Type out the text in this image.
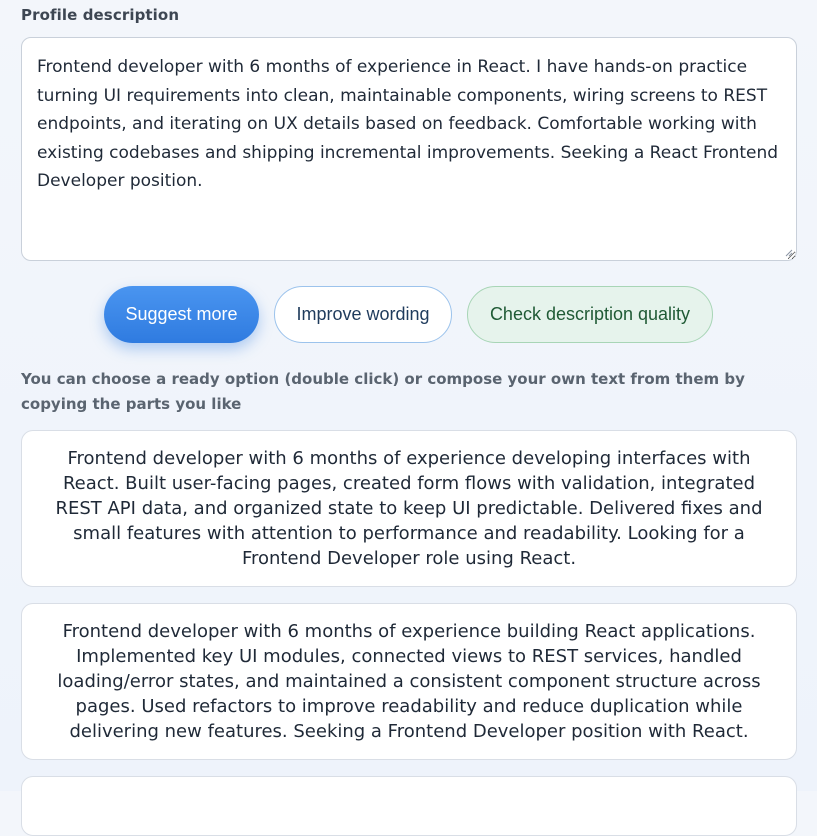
Profile description
Frontend developer with 6 months of experience in React. I have hands-on practice turning UI requirements into clean, maintainable components, wiring screens to REST endpoints, and iterating on UX details based on feedback. Comfortable working with existing codebases and shipping incremental improvements. Seeking a React Frontend Developer position.
Suggest more	Improve wording	Check description quality
You can choose a ready option (double click) or compose your own text from them by copying the parts you like
Frontend developer with 6 months of experience developing interfaces with React. Built user-facing pages, created form flows with validation, integrated REST API data, and organized state to keep UI predictable. Delivered fixes and small features with attention to performance and readability. Looking for a Frontend Developer role using React.
Frontend developer with 6 months of experience building React applications. Implemented key UI modules, connected views to REST services, handled loading/error states, and maintained a consistent component structure across pages. Used refactors to improve readability and reduce duplication while delivering new features. Seeking a Frontend Developer position with React.
